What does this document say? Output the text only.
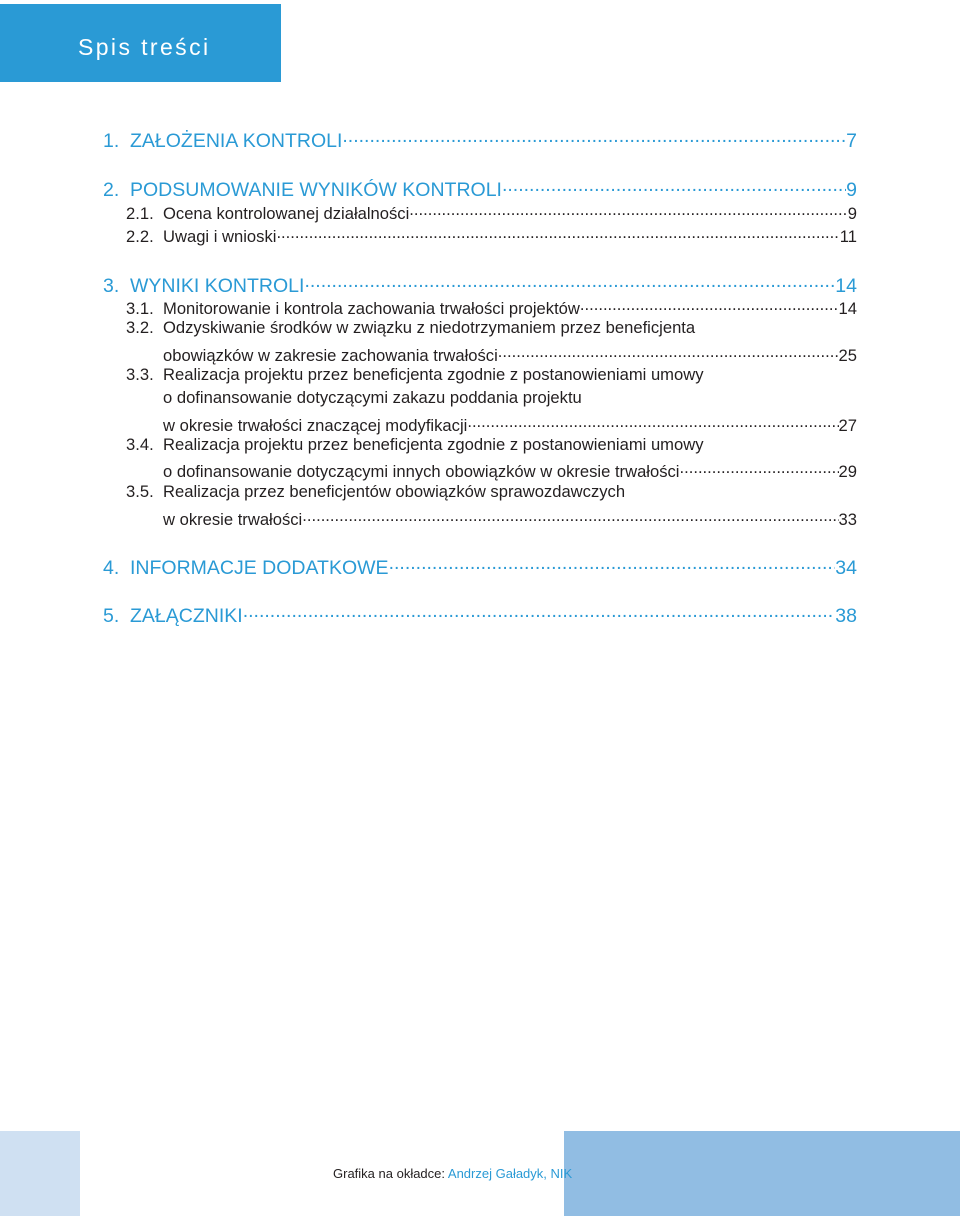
Spis treści
1. ZAŁOŻENIA KONTROLI .....	7
2. PODSUMOWANIE WYNIKÓW KONTROLI .....	9
2.1. Ocena kontrolowanej działalności .....	9
2.2. Uwagi i wnioski .....	11
3. WYNIKI KONTROLI .....	14
3.1. Monitorowanie i kontrola zachowania trwałości projektów .....	14
3.2. Odzyskiwanie środków w związku z niedotrzymaniem przez beneficjenta
obowiązków w zakresie zachowania trwałości .....	25
3.3. Realizacja projektu przez beneficjenta zgodnie z postanowieniami umowy
o dofinansowanie dotyczącymi zakazu poddania projektu
w okresie trwałości znaczącej modyfikacji .....	27
3.4. Realizacja projektu przez beneficjenta zgodnie z postanowieniami umowy
o dofinansowanie dotyczącymi innych obowiązków w okresie trwałości .....	29
3.5. Realizacja przez beneficjentów obowiązków sprawozdawczych
w okresie trwałości .....	33
4. INFORMACJE DODATKOWE .....	34
5. ZAŁĄCZNIKI .....	38
Grafika na okładce: Andrzej Gaładyk, NIK
